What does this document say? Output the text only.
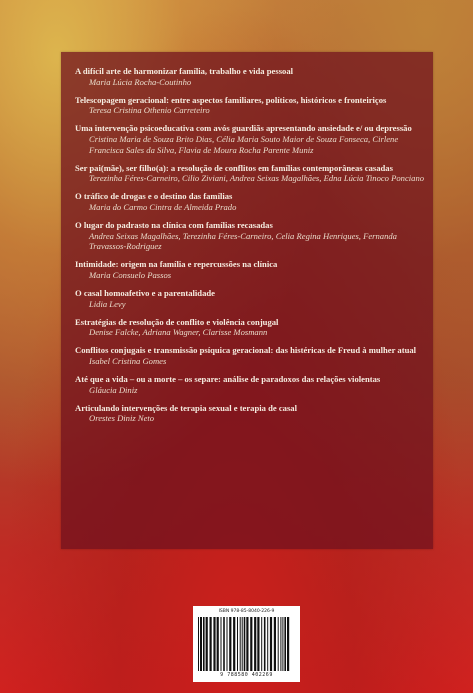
A difícil arte de harmonizar família, trabalho e vida pessoal
Maria Lúcia Rocha-Coutinho
Telescopagem geracional: entre aspectos familiares, políticos, históricos e fronteiriços
Teresa Cristina Othenio Carreteiro
Uma intervenção psicoeducativa com avós guardiãs apresentando ansiedade e/ ou depressão
Cristina Maria de Souza Brito Dias, Célia Maria Souto Maior de Souza Fonseca, Cirlene Francisca Sales da Silva, Flavia de Moura Rocha Parente Muniz
Ser pai(mãe), ser filho(a): a resolução de conflitos em famílias contemporâneas casadas
Terezinha Féres-Carneiro, Cilio Ziviani, Andrea Seixas Magalhães, Edna Lúcia Tinoco Ponciano
O tráfico de drogas e o destino das famílias
Maria do Carmo Cintra de Almeida Prado
O lugar do padrasto na clínica com famílias recasadas
Andrea Seixas Magalhães, Terezinha Féres-Carneiro, Celia Regina Henriques, Fernanda Travassos-Rodriguez
Intimidade: origem na família e repercussões na clínica
Maria Consuelo Passos
O casal homoafetivo e a parentalidade
Lidia Levy
Estratégias de resolução de conflito e violência conjugal
Denise Falcke, Adriana Wagner, Clarisse Mosmann
Conflitos conjugais e transmissão psíquica geracional: das histéricas de Freud à mulher atual
Isabel Cristina Gomes
Até que a vida – ou a morte – os separe: análise de paradoxos das relações violentas
Gláucia Diniz
Articulando intervenções de terapia sexual e terapia de casal
Orestes Diniz Neto
ISBN 978-85-8040-226-9
9 788580 402269
